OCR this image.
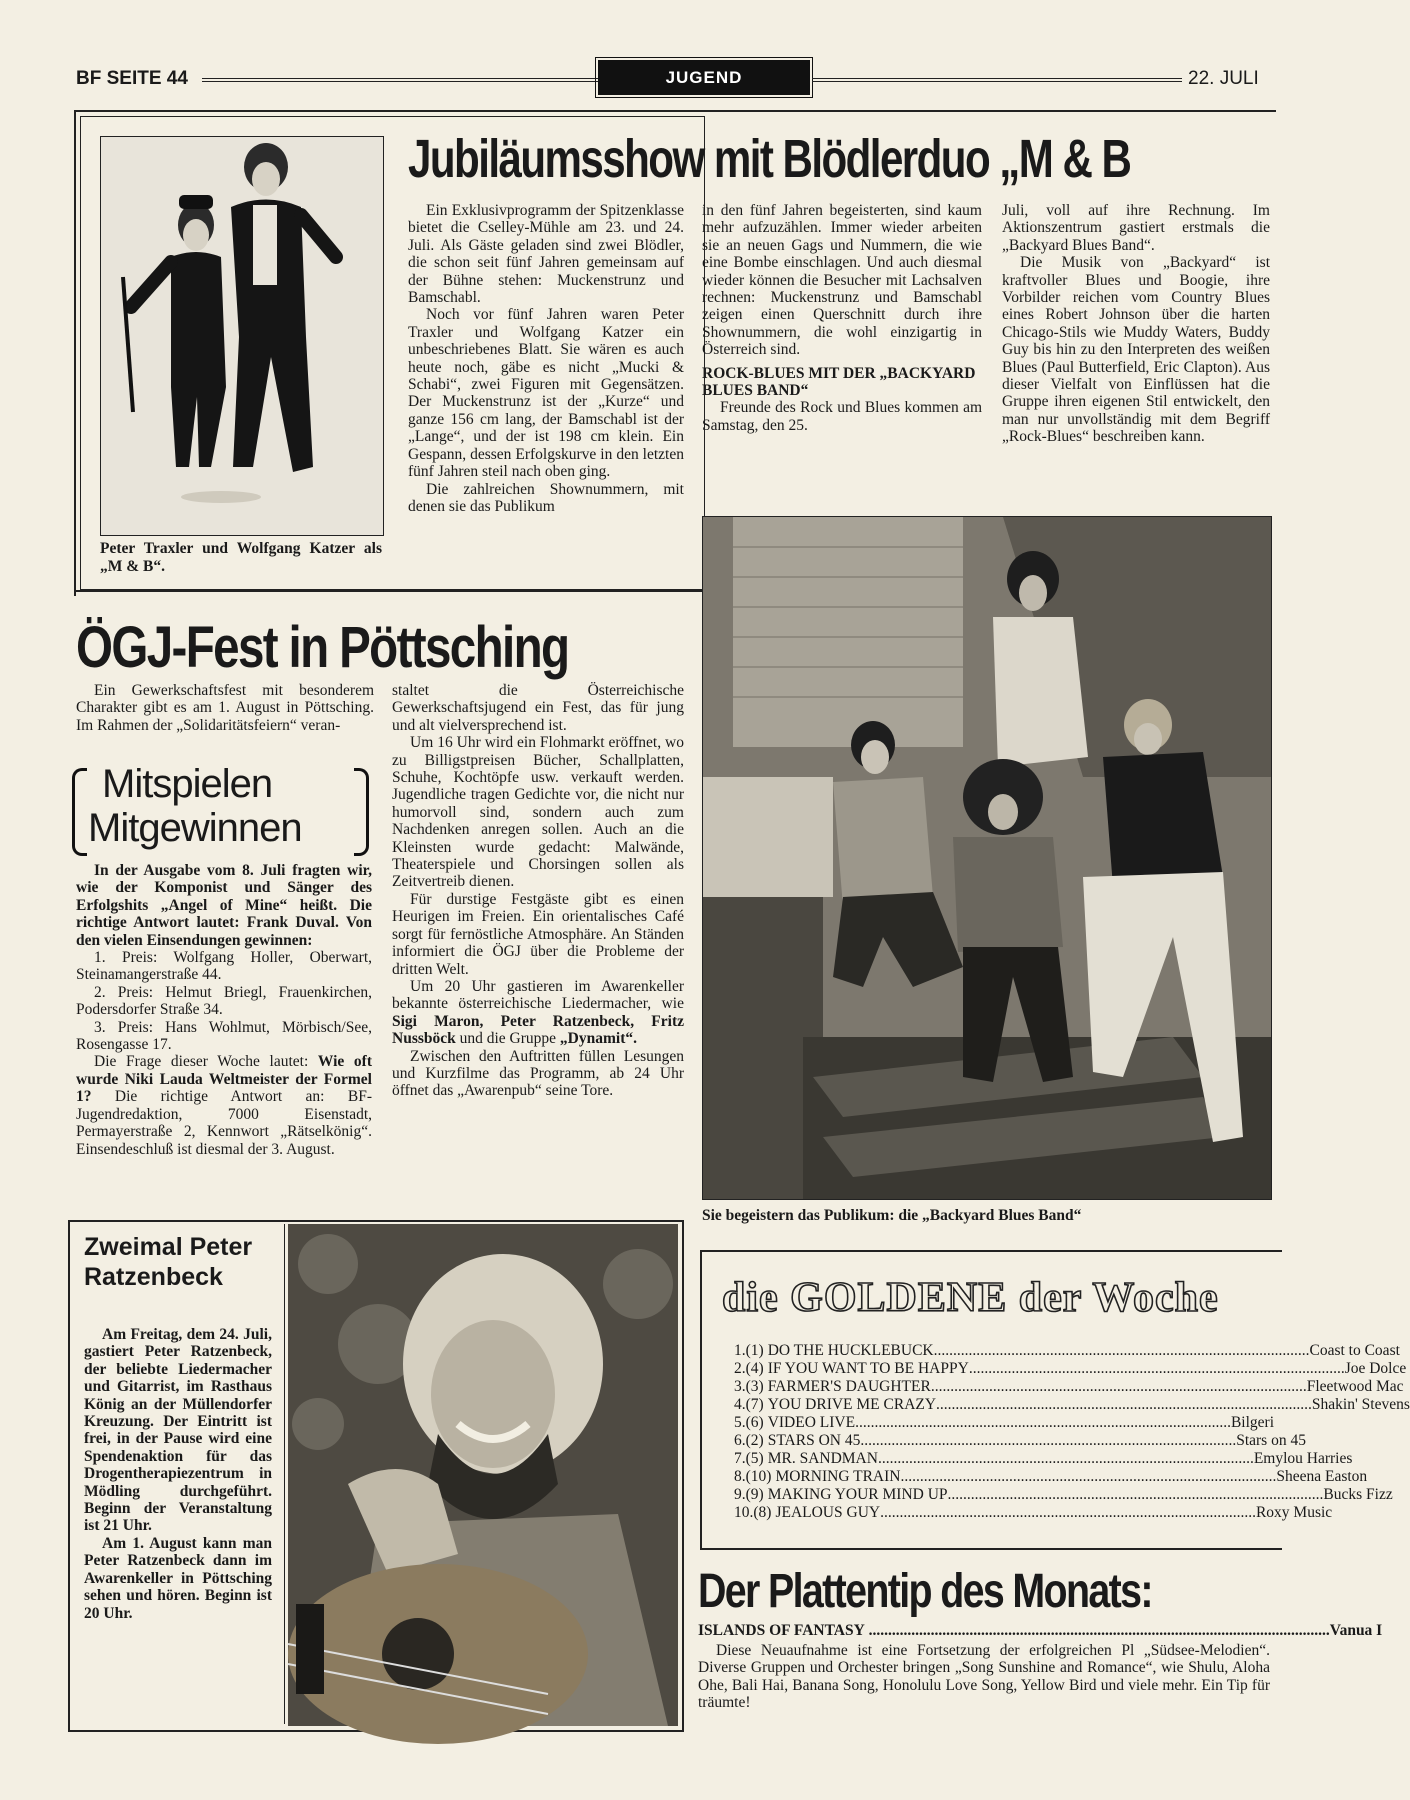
BF SEITE 44	JUGEND	22. JULI
Peter Traxler und Wolfgang Katzer als „M & B“.
Jubiläumsshow mit Blödlerduo „M & B

Ein Exklusivprogramm der Spitzenklasse bietet die Cselley-Mühle am 23. und 24. Juli. Als Gäste geladen sind zwei Blödler, die schon seit fünf Jahren gemeinsam auf der Bühne stehen: Muckenstrunz und Bamschabl.

Noch vor fünf Jahren waren Peter Traxler und Wolfgang Katzer ein unbeschriebenes Blatt. Sie wären es auch heute noch, gäbe es nicht „Mucki & Schabi“, zwei Figuren mit Gegensätzen. Der Muckenstrunz ist der „Kurze“ und ganze 156 cm lang, der Bamschabl ist der „Lange“, und der ist 198 cm klein. Ein Gespann, dessen Erfolgskurve in den letzten fünf Jahren steil nach oben ging.

Die zahlreichen Shownummern, mit denen sie das Publikum

in den fünf Jahren begeisterten, sind kaum mehr aufzuzählen. Immer wieder arbeiten sie an neuen Gags und Nummern, die wie eine Bombe einschlagen. Und auch diesmal wieder können die Besucher mit Lachsalven rechnen: Muckenstrunz und Bamschabl zeigen einen Querschnitt durch ihre Shownummern, die wohl einzigartig in Österreich sind.

ROCK-BLUES MIT DER „BACKYARD BLUES BAND“

Freunde des Rock und Blues kommen am Samstag, den 25.

Juli, voll auf ihre Rechnung. Im Aktionszentrum gastiert erstmals die „Backyard Blues Band“.

Die Musik von „Backyard“ ist kraftvoller Blues und Boogie, ihre Vorbilder reichen vom Country Blues eines Robert Johnson über die harten Chicago-Stils wie Muddy Waters, Buddy Guy bis hin zu den Interpreten des weißen Blues (Paul Butterfield, Eric Clapton). Aus dieser Vielfalt von Einflüssen hat die Gruppe ihren eigenen Stil entwickelt, den man nur unvollständig mit dem Begriff „Rock-Blues“ beschreiben kann.

Sie begeistern das Publikum: die „Backyard Blues Band“
ÖGJ-Fest in Pöttsching

Ein Gewerkschaftsfest mit besonderem Charakter gibt es am 1. August in Pöttsching. Im Rahmen der „Solidaritätsfeiern“ veran-

Mitspielen
Mitgewinnen

In der Ausgabe vom 8. Juli fragten wir, wie der Komponist und Sänger des Erfolgshits „Angel of Mine“ heißt. Die richtige Antwort lautet: Frank Duval. Von den vielen Einsendungen gewinnen:

1. Preis: Wolfgang Holler, Oberwart, Steinamangerstraße 44.

2. Preis: Helmut Briegl, Frauenkirchen, Podersdorfer Straße 34.

3. Preis: Hans Wohlmut, Mörbisch/See, Rosengasse 17.

Die Frage dieser Woche lautet: Wie oft wurde Niki Lauda Weltmeister der Formel 1? Die richtige Antwort an: BF-Jugendredaktion, 7000 Eisenstadt, Permayerstraße 2, Kennwort „Rätselkönig“. Einsendeschluß ist diesmal der 3. August.

staltet die Österreichische Gewerkschaftsjugend ein Fest, das für jung und alt vielversprechend ist.

Um 16 Uhr wird ein Flohmarkt eröffnet, wo zu Billigstpreisen Bücher, Schallplatten, Schuhe, Kochtöpfe usw. verkauft werden. Jugendliche tragen Gedichte vor, die nicht nur humorvoll sind, sondern auch zum Nachdenken anregen sollen. Auch an die Kleinsten wurde gedacht: Malwände, Theaterspiele und Chorsingen sollen als Zeitvertreib dienen.

Für durstige Festgäste gibt es einen Heurigen im Freien. Ein orientalisches Café sorgt für fernöstliche Atmosphäre. An Ständen informiert die ÖGJ über die Probleme der dritten Welt.

Um 20 Uhr gastieren im Awarenkeller bekannte österreichische Liedermacher, wie Sigi Maron, Peter Ratzenbeck, Fritz Nussböck und die Gruppe „Dynamit“.

Zwischen den Auftritten füllen Lesungen und Kurzfilme das Programm, ab 24 Uhr öffnet das „Awarenpub“ seine Tore.

Zweimal Peter Ratzenbeck

Am Freitag, dem 24. Juli, gastiert Peter Ratzenbeck, der beliebte Liedermacher und Gitarrist, im Rasthaus König an der Müllendorfer Kreuzung. Der Eintritt ist frei, in der Pause wird eine Spendenaktion für das Drogentherapiezentrum in Mödling durchgeführt. Beginn der Veranstaltung ist 21 Uhr.

Am 1. August kann man Peter Ratzenbeck dann im Awarenkeller in Pöttsching sehen und hören. Beginn ist 20 Uhr.

die GOLDENE der Woche
1. (1) DO THE HUCKLEBUCK ................................................................................................. Coast to Coast
2. (4) IF YOU WANT TO BE HAPPY ................................................................................................. Joe Dolce
3. (3) FARMER'S DAUGHTER ................................................................................................. Fleetwood Mac
4. (7) YOU DRIVE ME CRAZY ................................................................................................. Shakin' Stevens
5. (6) VIDEO LIVE ................................................................................................. Bilgeri
6. (2) STARS ON 45 ................................................................................................. Stars on 45
7. (5) MR. SANDMAN ................................................................................................. Emylou Harries
8. (10) MORNING TRAIN ................................................................................................. Sheena Easton
9. (9) MAKING YOUR MIND UP ................................................................................................. Bucks Fizz
10. (8) JEALOUS GUY ................................................................................................. Roxy Music
Der Plattentip des Monats:
ISLANDS OF FANTASY ....................................................................................................................... Vanua I

Diese Neuaufnahme ist eine Fortsetzung der erfolgreichen Pl „Südsee-Melodien“. Diverse Gruppen und Orchester bringen „Song Sunshine and Romance“, wie Shulu, Aloha Ohe, Bali Hai, Banana Song, Honolulu Love Song, Yellow Bird und viele mehr. Ein Tip für träumte!
